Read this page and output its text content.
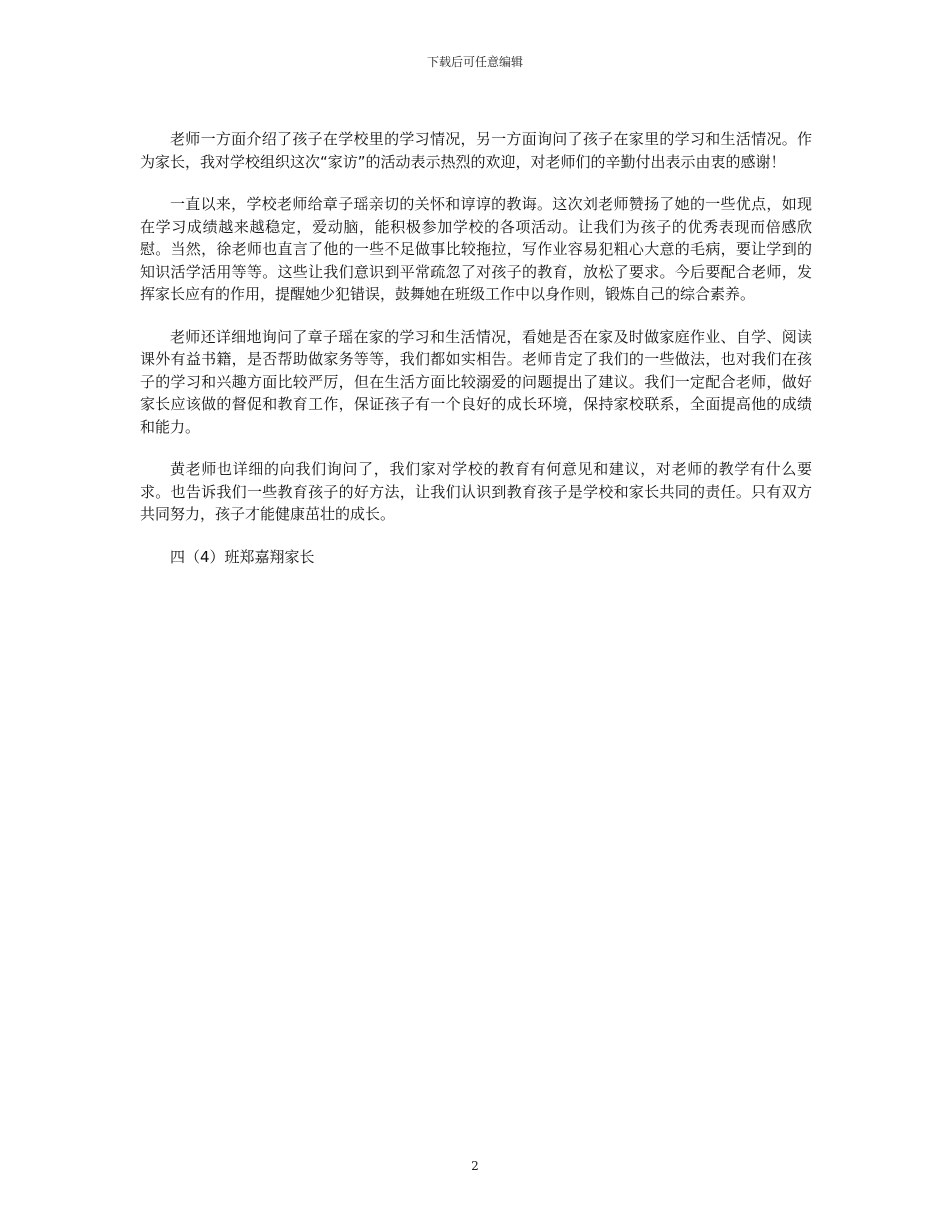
下载后可任意编辑

老师一方面介绍了孩子在学校里的学习情况，另一方面询问了孩子在家里的学习和生活情况。作为家长，我对学校组织这次“家访”的活动表示热烈的欢迎，对老师们的辛勤付出表示由衷的感谢！

一直以来，学校老师给章子瑶亲切的关怀和谆谆的教诲。这次刘老师赞扬了她的一些优点，如现在学习成绩越来越稳定，爱动脑，能积极参加学校的各项活动。让我们为孩子的优秀表现而倍感欣慰。当然，徐老师也直言了他的一些不足做事比较拖拉，写作业容易犯粗心大意的毛病，要让学到的知识活学活用等等。这些让我们意识到平常疏忽了对孩子的教育，放松了要求。今后要配合老师，发挥家长应有的作用，提醒她少犯错误，鼓舞她在班级工作中以身作则，锻炼自己的综合素养。

老师还详细地询问了章子瑶在家的学习和生活情况，看她是否在家及时做家庭作业、自学、阅读课外有益书籍，是否帮助做家务等等，我们都如实相告。老师肯定了我们的一些做法，也对我们在孩子的学习和兴趣方面比较严厉，但在生活方面比较溺爱的问题提出了建议。我们一定配合老师，做好家长应该做的督促和教育工作，保证孩子有一个良好的成长环境，保持家校联系，全面提高他的成绩和能力。

黄老师也详细的向我们询问了，我们家对学校的教育有何意见和建议，对老师的教学有什么要求。也告诉我们一些教育孩子的好方法，让我们认识到教育孩子是学校和家长共同的责任。只有双方共同努力，孩子才能健康茁壮的成长。

四（4）班郑嘉翔家长

2
